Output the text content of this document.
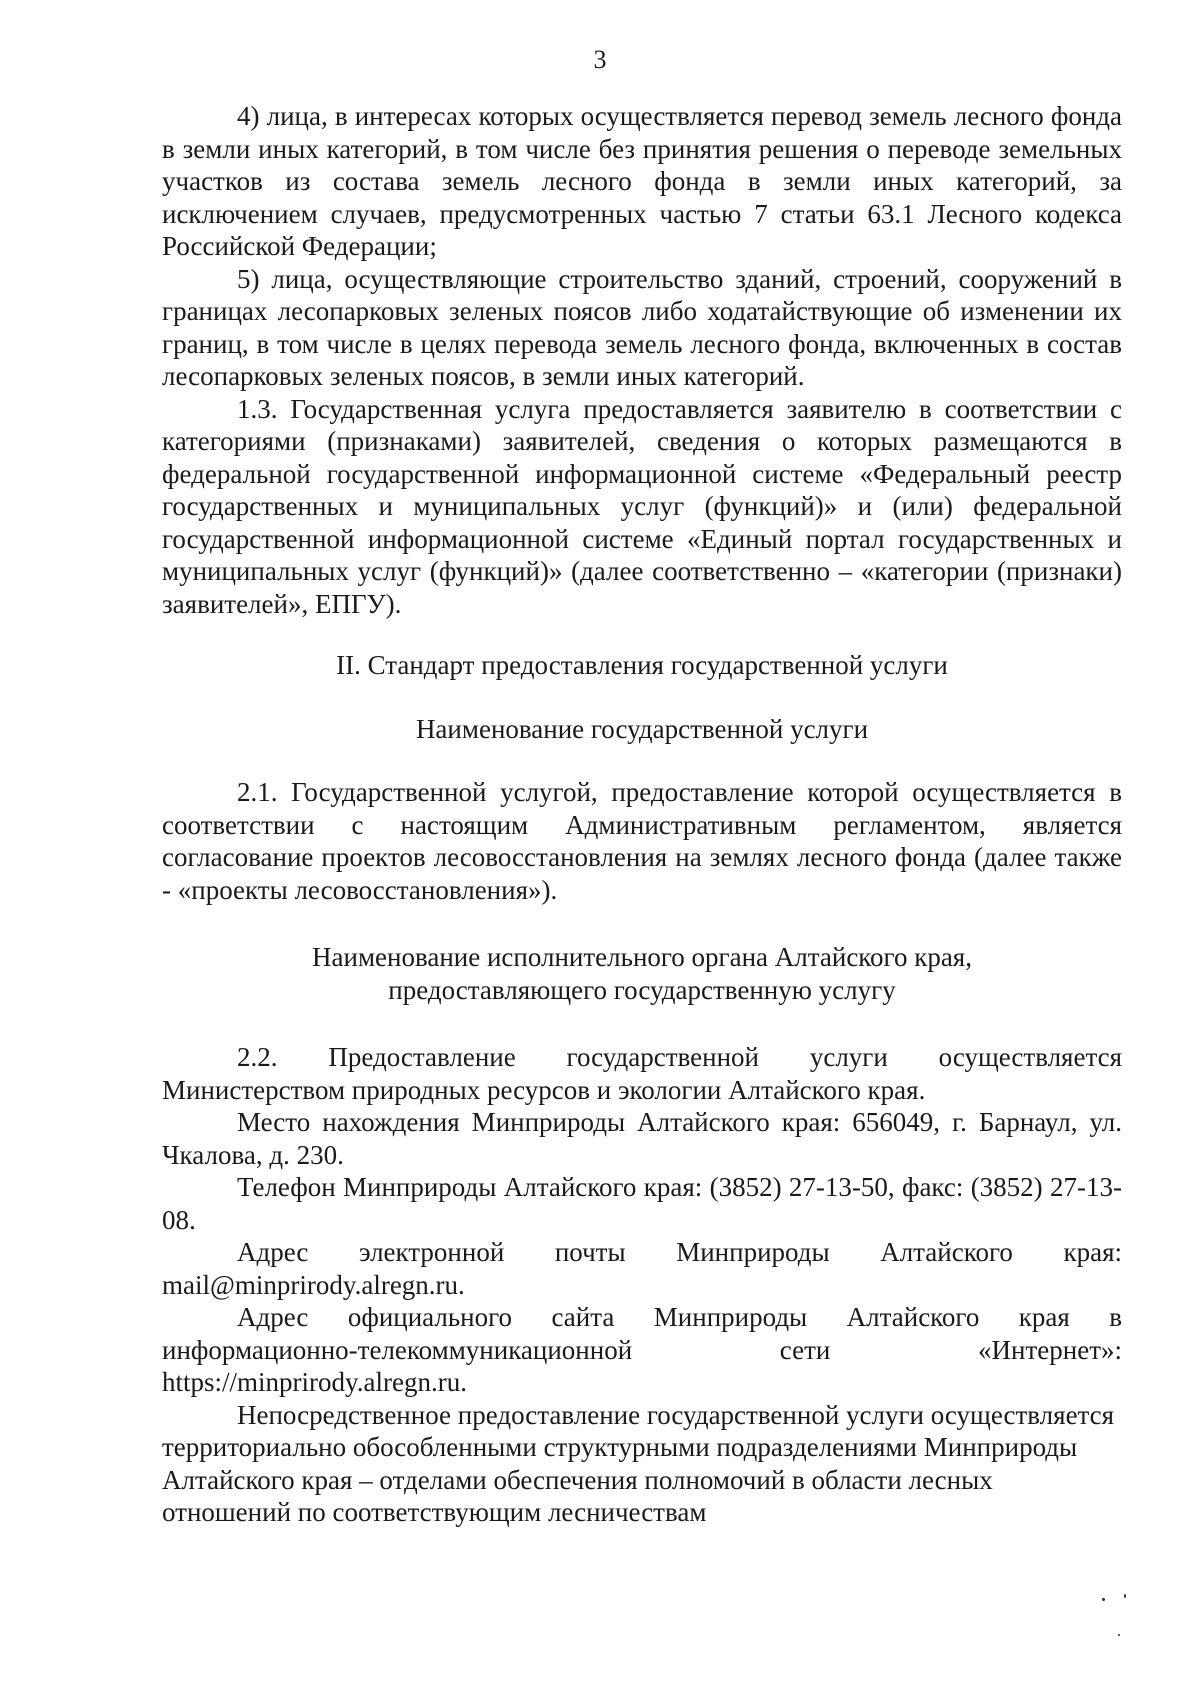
3

4) лица, в интересах которых осуществляется перевод земель лесного фонда в земли иных категорий, в том числе без принятия решения о переводе земельных участков из состава земель лесного фонда в земли иных категорий, за исключением случаев, предусмотренных частью 7 статьи 63.1 Лесного кодекса Российской Федерации;

5) лица, осуществляющие строительство зданий, строений, сооружений в границах лесопарковых зеленых поясов либо ходатайствующие об изменении их границ, в том числе в целях перевода земель лесного фонда, включенных в состав лесопарковых зеленых поясов, в земли иных категорий.

1.3. Государственная услуга предоставляется заявителю в соответствии с категориями (признаками) заявителей, сведения о которых размещаются в федеральной государственной информационной системе «Федеральный реестр государственных и муниципальных услуг (функций)» и (или) федеральной государственной информационной системе «Единый портал государственных и муниципальных услуг (функций)» (далее соответственно – «категории (признаки) заявителей», ЕПГУ).

II. Стандарт предоставления государственной услуги

Наименование государственной услуги

2.1. Государственной услугой, предоставление которой осуществляется в соответствии с настоящим Административным регламентом, является согласование проектов лесовосстановления на землях лесного фонда (далее также - «проекты лесовосстановления»).

Наименование исполнительного органа Алтайского края,

предоставляющего государственную услугу

2.2. Предоставление государственной услуги осуществляется Министерством природных ресурсов и экологии Алтайского края.

Место нахождения Минприроды Алтайского края: 656049, г. Барнаул, ул. Чкалова, д. 230.

Телефон Минприроды Алтайского края: (3852) 27-13-50, факс: (3852) 27-13-08.

Адрес электронной почты Минприроды Алтайского края: mail@minprirody.alregn.ru.

Адрес официального сайта Минприроды Алтайского края в информационно-телекоммуникационной сети «Интернет»: https://minprirody.alregn.ru.

Непосредственное предоставление государственной услуги осуществляется территориально обособленными структурными подразделениями Минприроды Алтайского края – отделами обеспечения полномочий в области лесных отношений по соответствующим лесничествам
